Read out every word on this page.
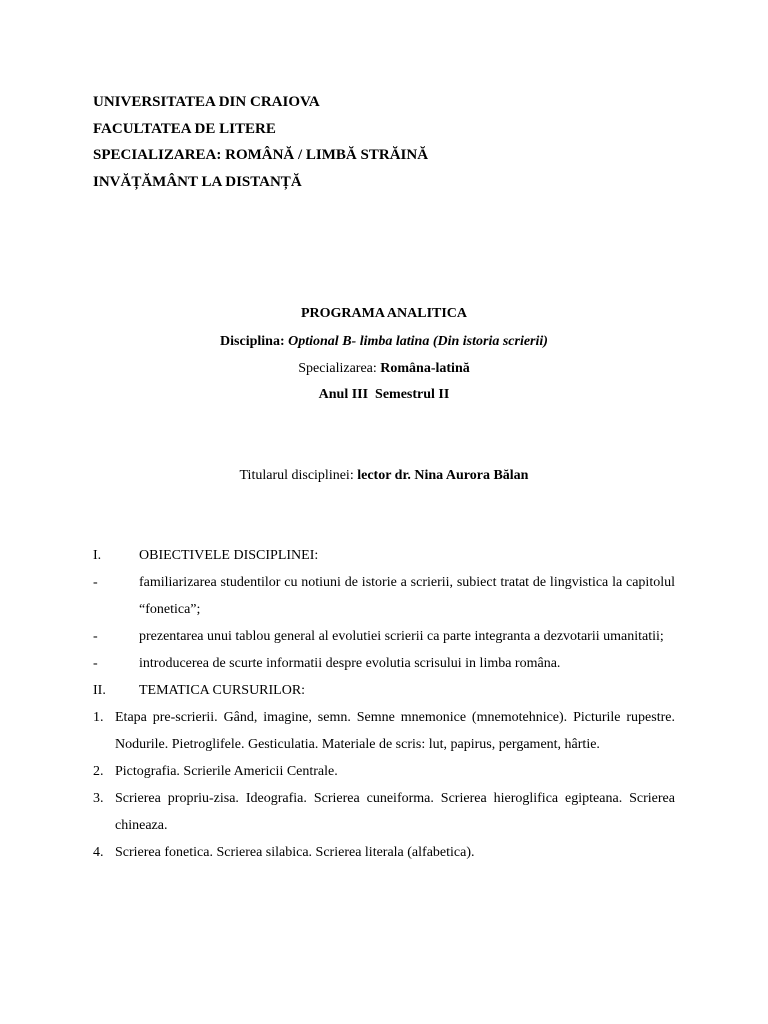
UNIVERSITATEA DIN CRAIOVA
FACULTATEA DE LITERE
SPECIALIZAREA: ROMÂNĂ / LIMBĂ STRĂINĂ
INVĂȚĂMÂNT LA DISTANȚĂ
PROGRAMA ANALITICA
Disciplina: Optional B- limba latina (Din istoria scrierii)
Specializarea: Româna-latină
Anul III  Semestrul II
Titularul disciplinei: lector dr. Nina Aurora Bălan
I.	OBIECTIVELE DISCIPLINEI:
-	familiarizarea studentilor cu notiuni de istorie a scrierii, subiect tratat de lingvistica la capitolul “fonetica”;
-	prezentarea unui tablou general al evolutiei scrierii ca parte integranta a dezvotarii umanitatii;
-	introducerea de scurte informatii despre evolutia scrisului in limba româna.
II.	TEMATICA CURSURILOR:
1. Etapa pre-scrierii. Gând, imagine, semn. Semne mnemonice (mnemotehnice). Picturile rupestre. Nodurile. Pietroglifele. Gesticulatia. Materiale de scris: lut, papirus, pergament, hârtie.
2. Pictografia. Scrierile Americii Centrale.
3. Scrierea propriu-zisa. Ideografia. Scrierea cuneiforma. Scrierea hieroglifica egipteana. Scrierea chineaza.
4. Scrierea fonetica. Scrierea silabica. Scrierea literala (alfabetica).
